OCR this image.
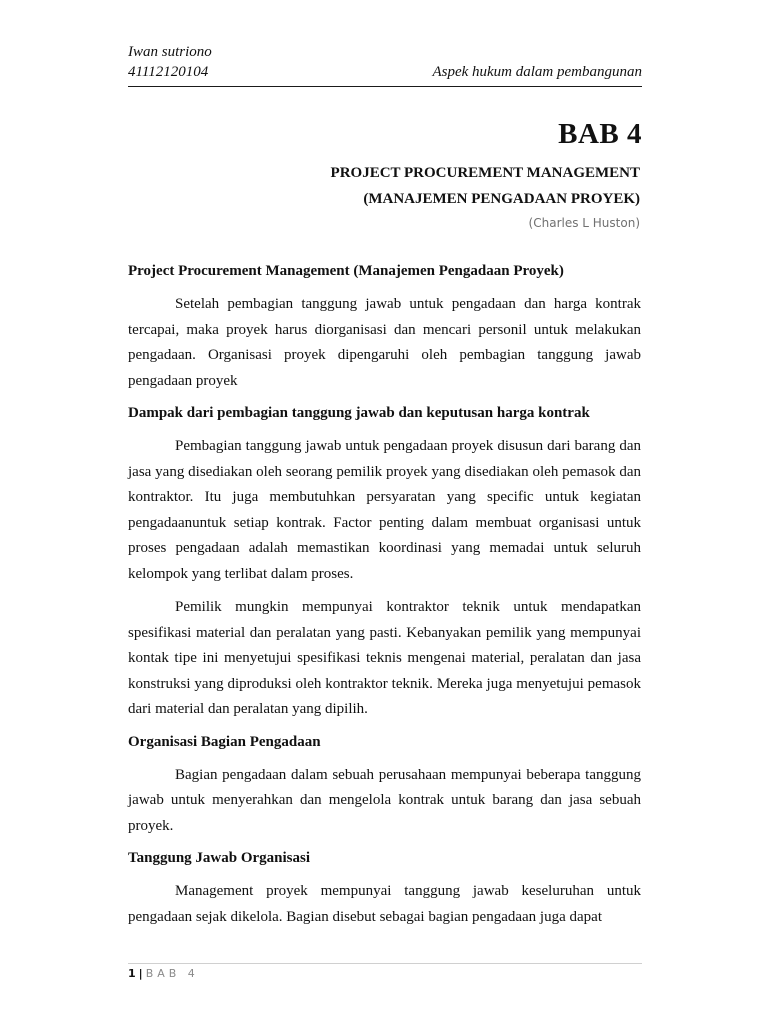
Iwan sutriono
41112120104	Aspek hukum dalam pembangunan
BAB 4
PROJECT PROCUREMENT MANAGEMENT
(MANAJEMEN PENGADAAN PROYEK)
(Charles L Huston)
Project Procurement Management (Manajemen Pengadaan Proyek)

Setelah pembagian tanggung jawab untuk pengadaan dan harga kontrak tercapai, maka proyek harus diorganisasi dan mencari personil untuk melakukan pengadaan. Organisasi proyek dipengaruhi oleh pembagian tanggung jawab pengadaan proyek

Dampak dari pembagian tanggung jawab dan keputusan harga kontrak

Pembagian tanggung jawab untuk pengadaan proyek disusun dari barang dan jasa yang disediakan oleh seorang pemilik proyek yang disediakan oleh pemasok dan kontraktor. Itu juga membutuhkan persyaratan yang specific untuk kegiatan pengadaanuntuk setiap kontrak. Factor penting dalam membuat organisasi untuk proses pengadaan adalah memastikan koordinasi yang memadai untuk seluruh kelompok yang terlibat dalam proses.

Pemilik mungkin mempunyai kontraktor teknik untuk mendapatkan spesifikasi material dan peralatan yang pasti. Kebanyakan pemilik yang mempunyai kontak tipe ini menyetujui spesifikasi teknis mengenai material, peralatan dan jasa konstruksi yang diproduksi oleh kontraktor teknik. Mereka juga menyetujui pemasok dari material dan peralatan yang dipilih.

Organisasi Bagian Pengadaan

Bagian pengadaan dalam sebuah perusahaan mempunyai beberapa tanggung jawab untuk menyerahkan dan mengelola kontrak untuk barang dan jasa sebuah proyek.

Tanggung Jawab Organisasi

Management proyek mempunyai tanggung jawab keseluruhan untuk pengadaan sejak dikelola. Bagian disebut sebagai bagian pengadaan juga dapat

1 | BAB 4
